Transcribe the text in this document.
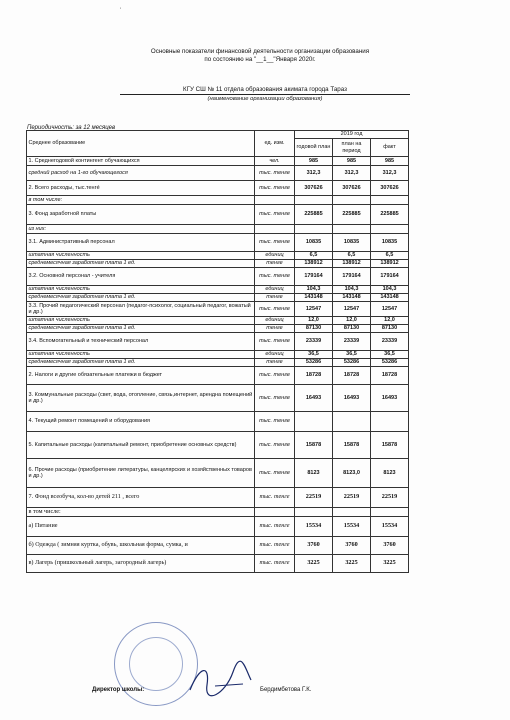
'
Основные показатели финансовой деятельности организации образования
по состоянию на "__1__"Января 2020г.
КГУ СШ № 11 отдела образования акимата города Тараз
(наименование организации образования)
Периодичность: за 12 месяцев
Среднее образование	ед. изм.	2019 год		
		годовой план	план на период	факт
1. Среднегодовой контингент обучающихся	чел.	985	985	985
средний расход на 1-го обучающегося	тыс. тенге	312,3	312,3	312,3
2. Всего расходы, тыс.тенгé	тыс. тенге	307626	307626	307626
в том числе:				
3. Фонд заработной платы	тыс. тенге	225885	225885	225885
из них:				
3.1. Административный персонал	тыс. тенге	10835	10835	10835
штатная численность	единиц	6,5	6,5	6,5
среднемесячная заработная плата 1 ед.	тенге	138912	138912	138912
3.2. Основной персонал - учителя	тыс. тенге	179164	179164	179164
штатная численность	единиц	104,3	104,3	104,3
среднемесячная заработная плата 1 ед.	тенге	143148	143148	143148
3.3. Прочий педагогический персонал (педагог-психолог, социальный педагог, вожатый и др.)	тыс. тенге	12547	12547	12547
штатная численность	единиц	12,0	12,0	12,0
среднемесячная заработная плата 1 ед.	тенге	87130	87130	87130
3.4. Вспомогательный и технический персонал	тыс. тенге	23339	23339	23339
штатная численность	единиц	36,5	36,5	36,5
среднемесячная заработная плата 1 ед.	тенге	53286	53286	53286
2. Налоги и другие обязательные платежи в бюджет	тыс. тенге	18728	18728	18728
3. Коммунальные расходы (свет, вода, отопление, связь,интернет, арендна помещений и др.)	тыс. тенге	16493	16493	16493
4. Текущий ремонт помещений и оборудования	тыс. тенге			
5. Капитальные расходы (капитальный ремонт, приобретение основных средств)	тыс. тенге	15878	15878	15878
6. Прочие расходы (приобретение литературы, канцелярских и хозяйственных товаров и др.)	тыс. тенге	8123	8123,0	8123
7. Фонд всеобуча, кол-во детей 211 , всего	тыс. тенге	22519	22519	22519
в том числе:				
а) Питание	тыс. тенге	15534	15534	15534
б) Одежда ( зимняя куртка, обувь, школьная форма, сумка, и	тыс. тенге	3760	3760	3760
в) Лагерь (пришкольный лагерь, загородный лагерь)	тыс. тенге	3225	3225	3225
Директор школы:	Бердимбетова Г.К.
